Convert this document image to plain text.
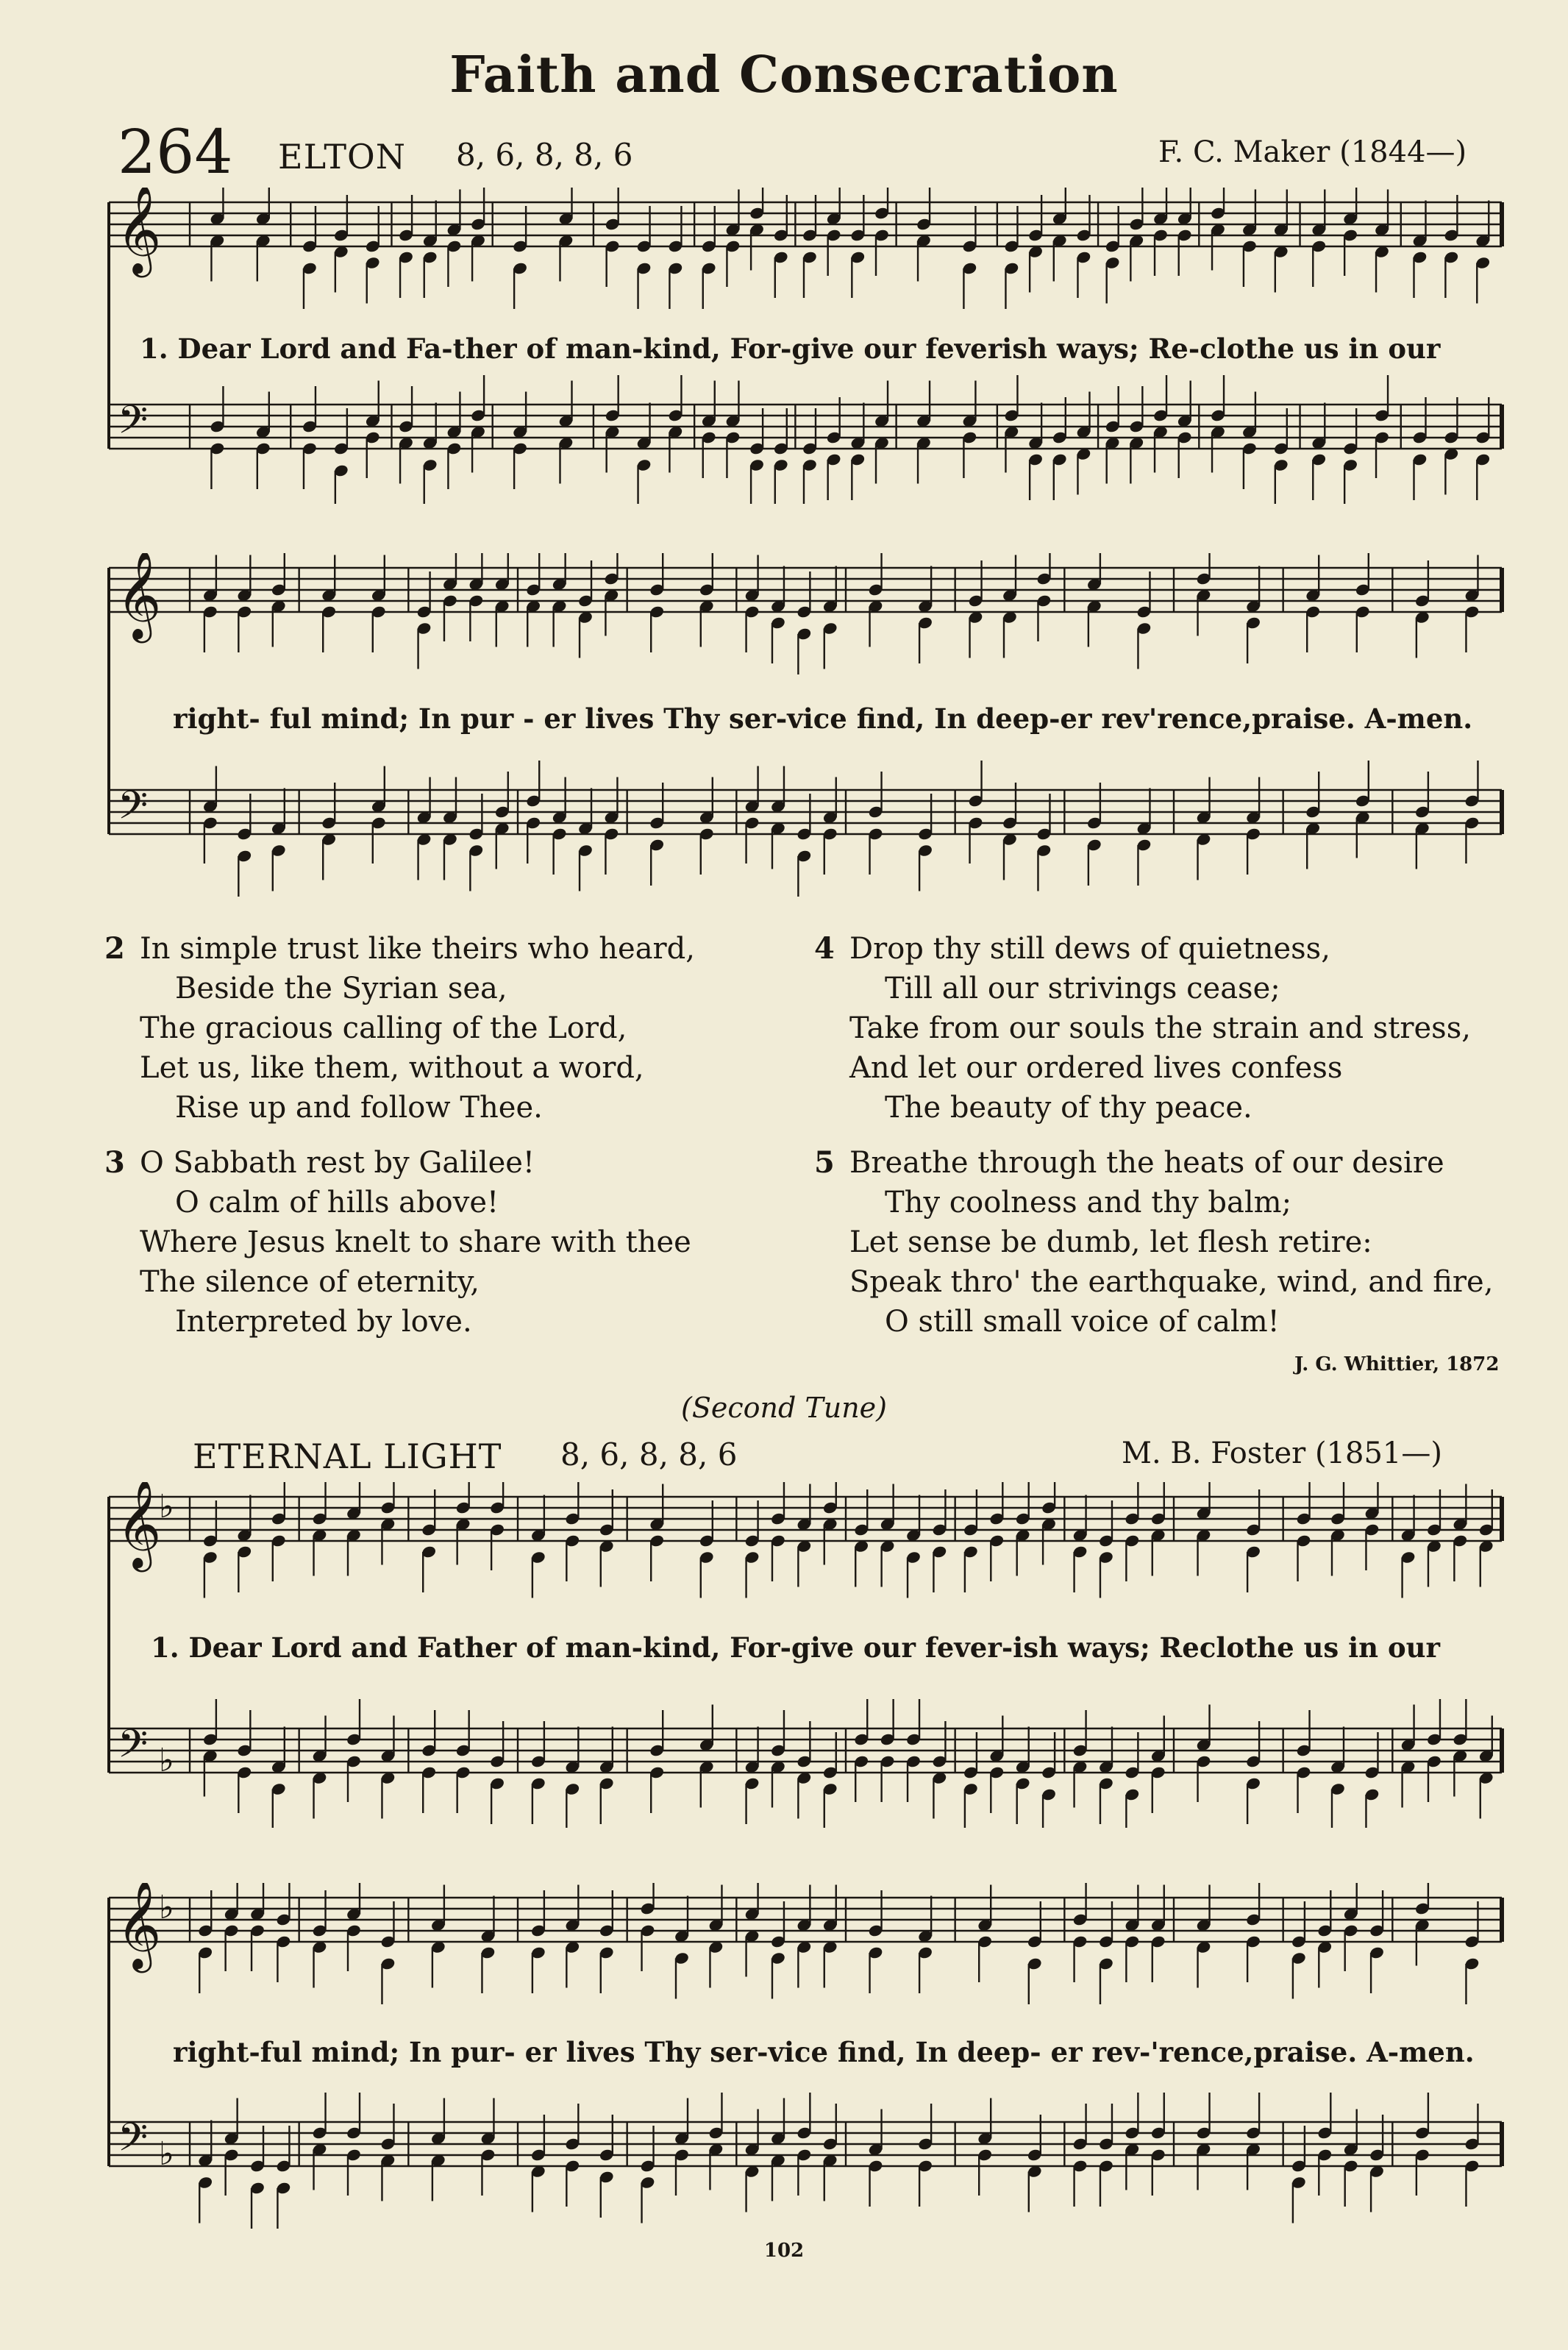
Faith and Consecration
264 ELTON 8, 6, 8, 8, 6	F. C. Maker (1844—)
𝄞
𝄢
1. Dear Lord and Fa-ther of man-kind, For-give our feverish ways; Re-clothe us in our
𝄞
𝄢
right- ful mind; In pur - er lives Thy ser-vice find, In deep-er rev'rence,praise. A-men.
2 In simple trust like theirs who heard,
Beside the Syrian sea,
The gracious calling of the Lord,
Let us, like them, without a word,
Rise up and follow Thee.
3 O Sabbath rest by Galilee!
O calm of hills above!
Where Jesus knelt to share with thee
The silence of eternity,
Interpreted by love.
4 Drop thy still dews of quietness,
Till all our strivings cease;
Take from our souls the strain and stress,
And let our ordered lives confess
The beauty of thy peace.
5 Breathe through the heats of our desire
Thy coolness and thy balm;
Let sense be dumb, let flesh retire:
Speak thro' the earthquake, wind, and fire,
O still small voice of calm!
J. G. Whittier, 1872
(Second Tune)
ETERNAL LIGHT 8, 6, 8, 8, 6	M. B. Foster (1851—)
𝄞
𝄢
♭
♭
1. Dear Lord and Father of man-kind, For-give our fever-ish ways; Reclothe us in our
𝄞
𝄢
♭
♭
right-ful mind; In pur- er lives Thy ser-vice find, In deep- er rev-'rence,praise. A-men.
102
